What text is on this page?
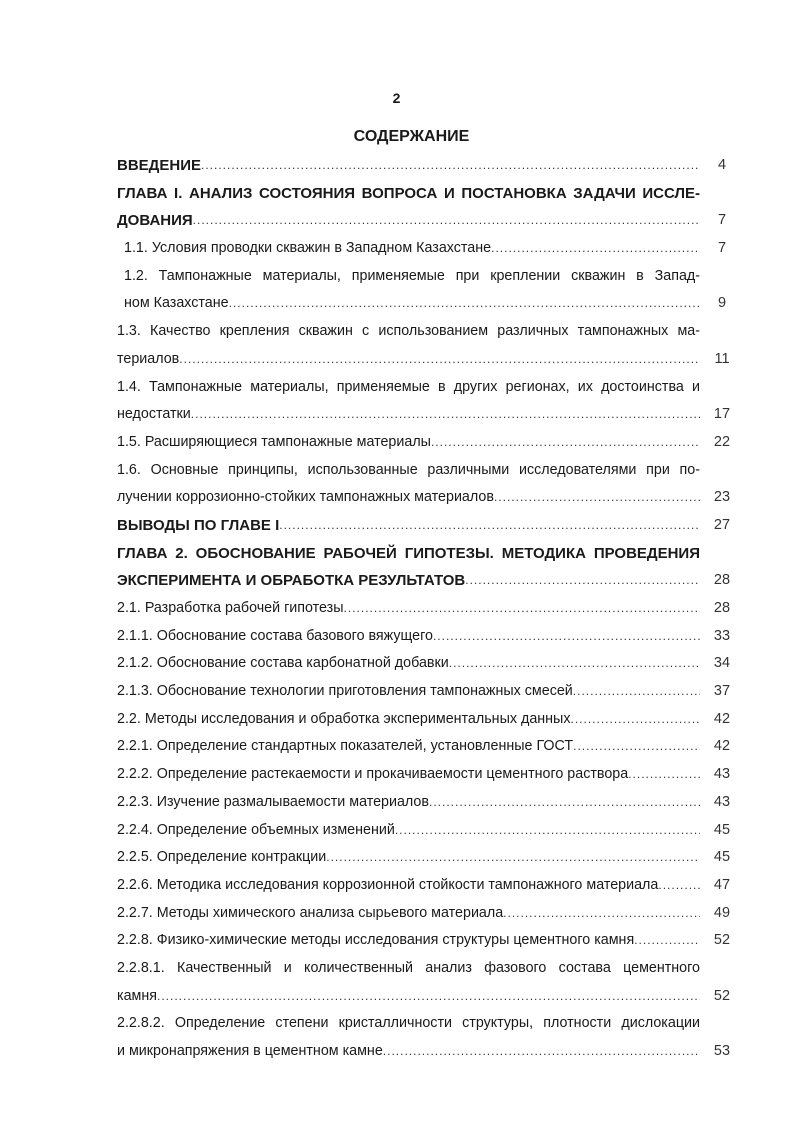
2
СОДЕРЖАНИЕ
ВВЕДЕНИЕ .....	4
ГЛАВА I. АНАЛИЗ СОСТОЯНИЯ ВОПРОСА И ПОСТАНОВКА ЗАДАЧИ ИССЛЕ-
ДОВАНИЯ .....	7
1.1. Условия проводки скважин в Западном Казахстане .....	7
1.2. Тампонажные материалы, применяемые при креплении скважин в Запад-
ном Казахстане .....	9
1.3. Качество крепления скважин с использованием различных тампонажных ма-
териалов .....	11
1.4. Тампонажные материалы, применяемые в других регионах, их достоинства и
недостатки .....	17
1.5. Расширяющиеся тампонажные материалы .....	22
1.6. Основные принципы, использованные различными исследователями при по-
лучении коррозионно-стойких тампонажных материалов .....	23
ВЫВОДЫ ПО ГЛАВЕ I .....	27
ГЛАВА 2. ОБОСНОВАНИЕ РАБОЧЕЙ ГИПОТЕЗЫ. МЕТОДИКА ПРОВЕДЕНИЯ
ЭКСПЕРИМЕНТА И ОБРАБОТКА РЕЗУЛЬТАТОВ .....	28
2.1. Разработка рабочей гипотезы .....	28
2.1.1. Обоснование состава базового вяжущего .....	33
2.1.2. Обоснование состава карбонатной добавки .....	34
2.1.3. Обоснование технологии приготовления тампонажных смесей .....	37
2.2. Методы исследования и обработка экспериментальных данных .....	42
2.2.1. Определение стандартных показателей, установленные ГОСТ .....	42
2.2.2. Определение растекаемости и прокачиваемости цементного раствора .....	43
2.2.3. Изучение размалываемости материалов .....	43
2.2.4. Определение объемных изменений .....	45
2.2.5. Определение контракции .....	45
2.2.6. Методика исследования коррозионной стойкости тампонажного материала .....	47
2.2.7. Методы химического анализа сырьевого материала .....	49
2.2.8. Физико-химические методы исследования структуры цементного камня .....	52
2.2.8.1. Качественный и количественный анализ фазового состава цементного
камня .....	52
2.2.8.2. Определение степени кристалличности структуры, плотности дислокации
и микронапряжения в цементном камне .....	53
